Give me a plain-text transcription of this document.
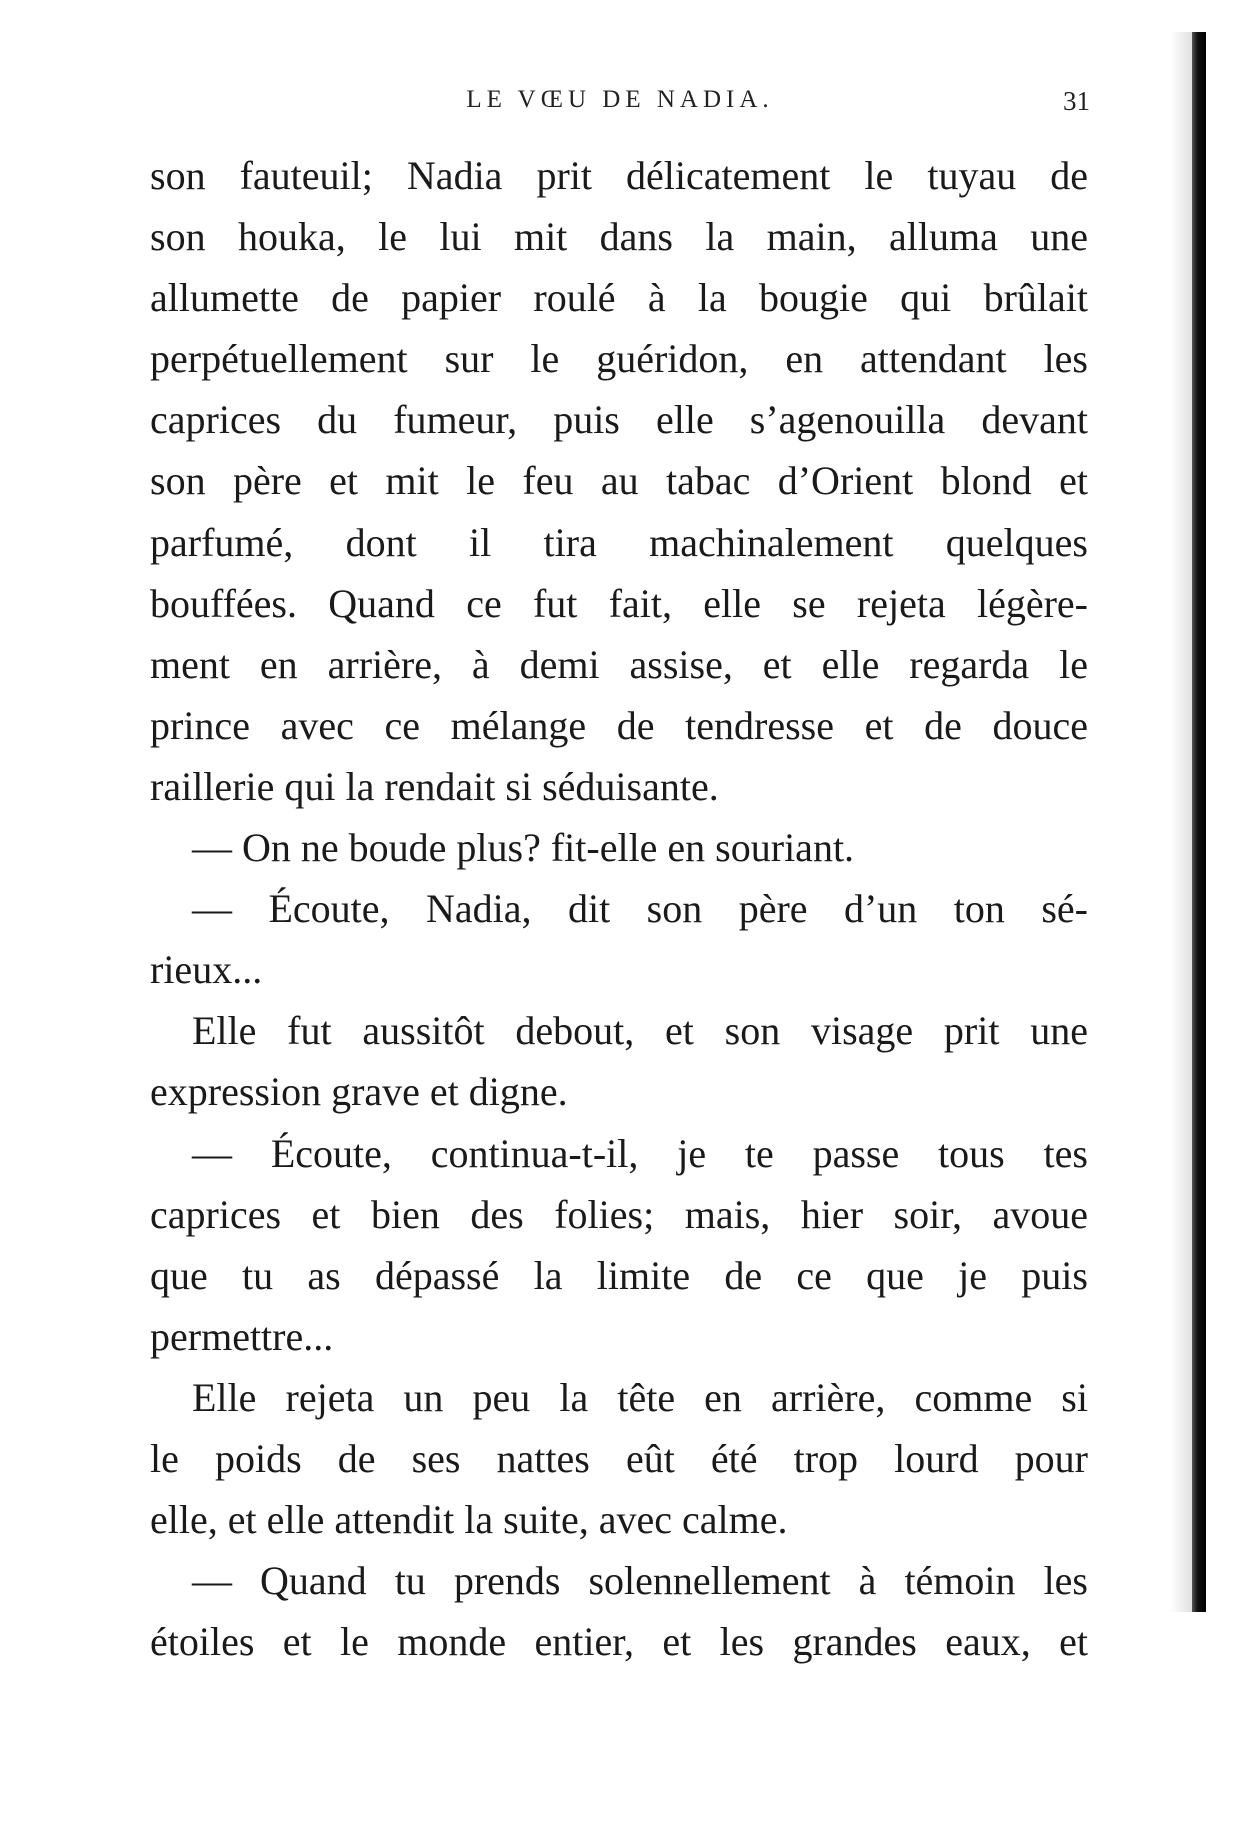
LE VŒU DE NADIA.	31
son fauteuil; Nadia prit délicatement le tuyau de
son houka, le lui mit dans la main, alluma une
allumette de papier roulé à la bougie qui brûlait
perpétuellement sur le guéridon, en attendant les
caprices du fumeur, puis elle s’agenouilla devant
son père et mit le feu au tabac d’Orient blond et
parfumé, dont il tira machinalement quelques
bouffées. Quand ce fut fait, elle se rejeta légère-
ment en arrière, à demi assise, et elle regarda le
prince avec ce mélange de tendresse et de douce
raillerie qui la rendait si séduisante.
— On ne boude plus? fit-elle en souriant.
— Écoute, Nadia, dit son père d’un ton sé-
rieux...
Elle fut aussitôt debout, et son visage prit une
expression grave et digne.
— Écoute, continua-t-il, je te passe tous tes
caprices et bien des folies; mais, hier soir, avoue
que tu as dépassé la limite de ce que je puis
permettre...
Elle rejeta un peu la tête en arrière, comme si
le poids de ses nattes eût été trop lourd pour
elle, et elle attendit la suite, avec calme.
— Quand tu prends solennellement à témoin les
étoiles et le monde entier, et les grandes eaux, et
